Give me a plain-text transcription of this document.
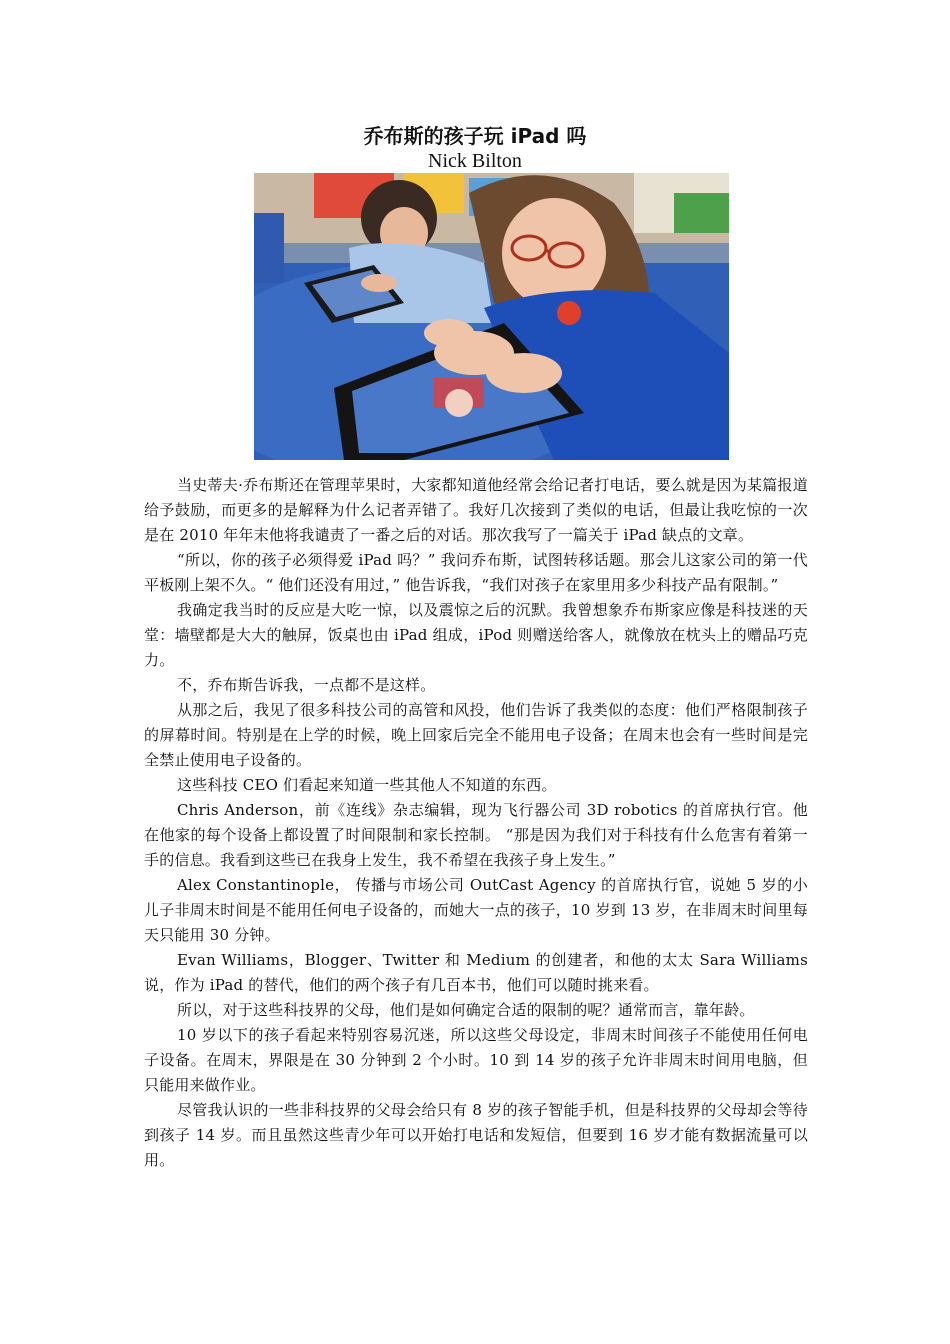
乔布斯的孩子玩 iPad 吗
Nick Bilton

当史蒂夫·乔布斯还在管理苹果时，大家都知道他经常会给记者打电话，要么就是因为某篇报道给予鼓励，而更多的是解释为什么记者弄错了。我好几次接到了类似的电话，但最让我吃惊的一次是在 2010 年年末他将我谴责了一番之后的对话。那次我写了一篇关于 iPad 缺点的文章。

“所以，你的孩子必须得爱 iPad 吗？” 我问乔布斯，试图转移话题。那会儿这家公司的第一代平板刚上架不久。“ 他们还没有用过，” 他告诉我，“我们对孩子在家里用多少科技产品有限制。”

我确定我当时的反应是大吃一惊，以及震惊之后的沉默。我曾想象乔布斯家应像是科技迷的天堂：墙壁都是大大的触屏，饭桌也由 iPad 组成，iPod 则赠送给客人，就像放在枕头上的赠品巧克力。

不，乔布斯告诉我，一点都不是这样。

从那之后，我见了很多科技公司的高管和风投，他们告诉了我类似的态度：他们严格限制孩子的屏幕时间。特别是在上学的时候，晚上回家后完全不能用电子设备；在周末也会有一些时间是完全禁止使用电子设备的。

这些科技 CEO 们看起来知道一些其他人不知道的东西。

Chris Anderson，前《连线》杂志编辑，现为飞行器公司 3D robotics 的首席执行官。他在他家的每个设备上都设置了时间限制和家长控制。 “那是因为我们对于科技有什么危害有着第一手的信息。我看到这些已在我身上发生，我不希望在我孩子身上发生。”

Alex Constantinople， 传播与市场公司 OutCast Agency 的首席执行官，说她 5 岁的小儿子非周末时间是不能用任何电子设备的，而她大一点的孩子，10 岁到 13 岁，在非周末时间里每天只能用 30 分钟。

Evan Williams，Blogger、Twitter 和 Medium 的创建者，和他的太太 Sara Williams 说，作为 iPad 的替代，他们的两个孩子有几百本书，他们可以随时挑来看。

所以，对于这些科技界的父母，他们是如何确定合适的限制的呢？通常而言，靠年龄。

10 岁以下的孩子看起来特别容易沉迷，所以这些父母设定，非周末时间孩子不能使用任何电子设备。在周末，界限是在 30 分钟到 2 个小时。10 到 14 岁的孩子允许非周末时间用电脑，但只能用来做作业。

尽管我认识的一些非科技界的父母会给只有 8 岁的孩子智能手机，但是科技界的父母却会等待到孩子 14 岁。而且虽然这些青少年可以开始打电话和发短信，但要到 16 岁才能有数据流量可以用。
